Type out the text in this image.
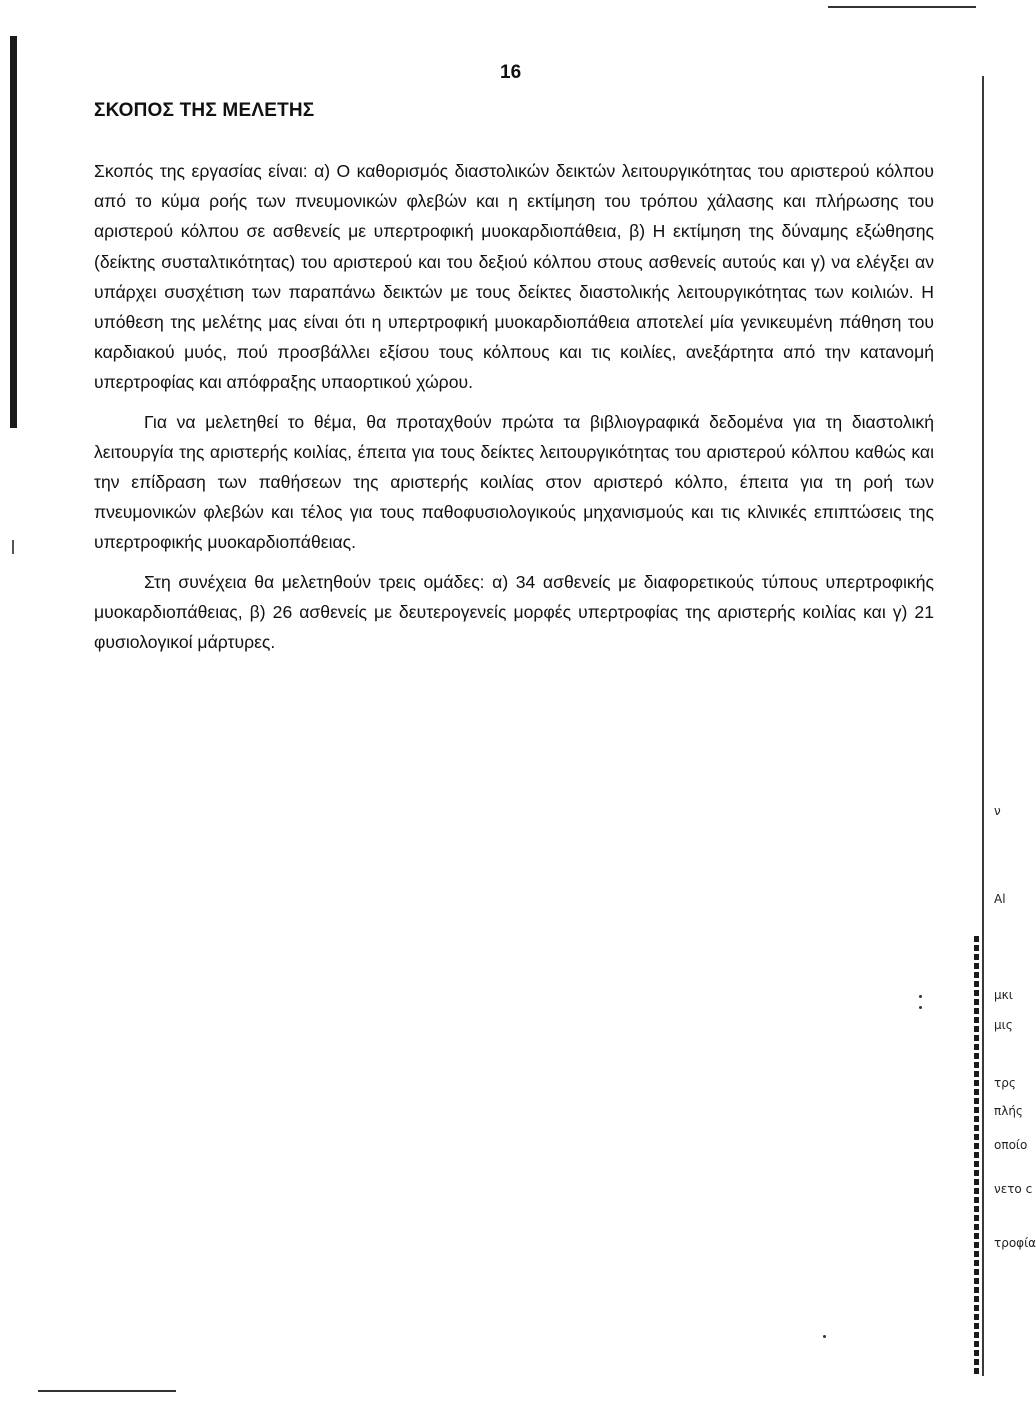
16
ΣΚΟΠΟΣ ΤΗΣ ΜΕΛΕΤΗΣ

Σκοπός της εργασίας είναι: α) Ο καθορισμός διαστολικών δεικτών λειτουργικότητας του αριστερού κόλπου από το κύμα ροής των πνευμονικών φλεβών και η εκτίμηση του τρόπου χάλασης και πλήρωσης του αριστερού κόλπου σε ασθενείς με υπερτροφική μυοκαρδιοπάθεια, β) Η εκτίμηση της δύναμης εξώθησης (δείκτης συσταλτικότητας) του αριστερού και του δεξιού κόλπου στους ασθενείς αυτούς και γ) να ελέγξει αν υπάρχει συσχέτιση των παραπάνω δεικτών με τους δείκτες διαστολικής λειτουργικότητας των κοιλιών. Η υπόθεση της μελέτης μας είναι ότι η υπερτροφική μυοκαρδιοπάθεια αποτελεί μία γενικευμένη πάθηση του καρδιακού μυός, πού προσβάλλει εξίσου τους κόλπους και τις κοιλίες, ανεξάρτητα από την κατανομή υπερτροφίας και απόφραξης υπαορτικού χώρου.

Για να μελετηθεί το θέμα, θα προταχθούν πρώτα τα βιβλιογραφικά δεδομένα για τη διαστολική λειτουργία της αριστερής κοιλίας, έπειτα για τους δείκτες λειτουργικότητας του αριστερού κόλπου καθώς και την επίδραση των παθήσεων της αριστερής κοιλίας στον αριστερό κόλπο, έπειτα για τη ροή των πνευμονικών φλεβών και τέλος για τους παθοφυσιολογικούς μηχανισμούς και τις κλινικές επιπτώσεις της υπερτροφικής μυοκαρδιοπάθειας.

Στη συνέχεια θα μελετηθούν τρεις ομάδες: α) 34 ασθενείς με διαφορετικούς τύπους υπερτροφικής μυοκαρδιοπάθειας, β) 26 ασθενείς με δευτερογενείς μορφές υπερτροφίας της αριστερής κοιλίας και γ) 21 φυσιολογικοί μάρτυρες.

ν
Αl
μκι
μις
τρς
πλής
οποίο
νετο c
τροφία
